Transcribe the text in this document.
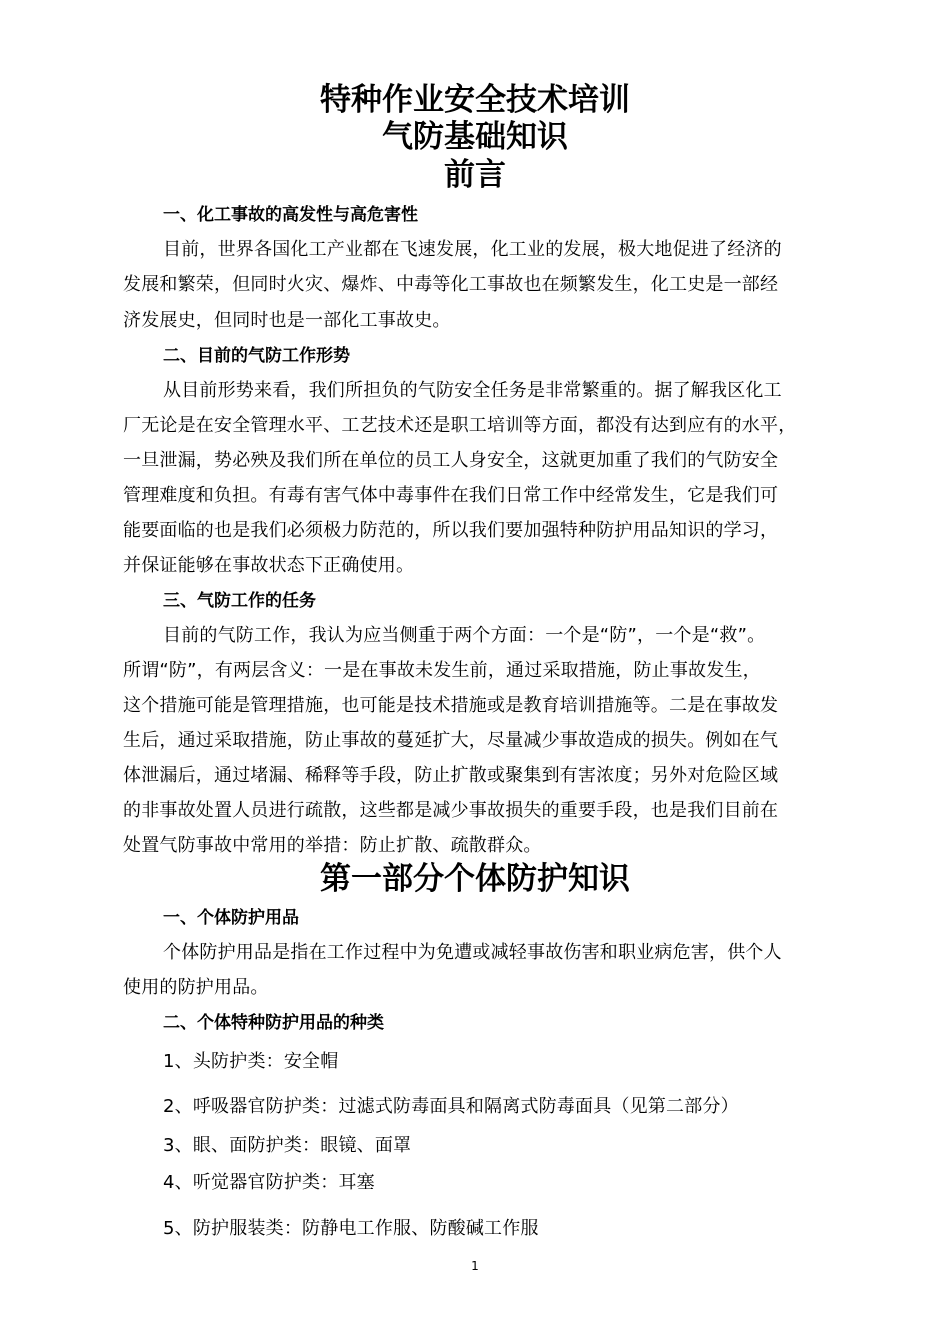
特种作业安全技术培训
气防基础知识
前言
一、化工事故的高发性与高危害性
目前，世界各国化工产业都在飞速发展，化工业的发展，极大地促进了经济的
发展和繁荣，但同时火灾、爆炸、中毒等化工事故也在频繁发生，化工史是一部经
济发展史，但同时也是一部化工事故史。
二、目前的气防工作形势
从目前形势来看，我们所担负的气防安全任务是非常繁重的。据了解我区化工
厂无论是在安全管理水平、工艺技术还是职工培训等方面，都没有达到应有的水平，
一旦泄漏，势必殃及我们所在单位的员工人身安全，这就更加重了我们的气防安全
管理难度和负担。有毒有害气体中毒事件在我们日常工作中经常发生，它是我们可
能要面临的也是我们必须极力防范的，所以我们要加强特种防护用品知识的学习，
并保证能够在事故状态下正确使用。
三、气防工作的任务
目前的气防工作，我认为应当侧重于两个方面：一个是“防”，一个是“救”。
所谓“防”，有两层含义：一是在事故未发生前，通过采取措施，防止事故发生，
这个措施可能是管理措施，也可能是技术措施或是教育培训措施等。二是在事故发
生后，通过采取措施，防止事故的蔓延扩大，尽量减少事故造成的损失。例如在气
体泄漏后，通过堵漏、稀释等手段，防止扩散或聚集到有害浓度；另外对危险区域
的非事故处置人员进行疏散，这些都是减少事故损失的重要手段，也是我们目前在
处置气防事故中常用的举措：防止扩散、疏散群众。
第一部分个体防护知识
一、个体防护用品
个体防护用品是指在工作过程中为免遭或减轻事故伤害和职业病危害，供个人
使用的防护用品。
二、个体特种防护用品的种类
1、头防护类：安全帽
2、呼吸器官防护类：过滤式防毒面具和隔离式防毒面具（见第二部分）
3、眼、面防护类：眼镜、面罩
4、听觉器官防护类：耳塞
5、防护服装类：防静电工作服、防酸碱工作服
1
